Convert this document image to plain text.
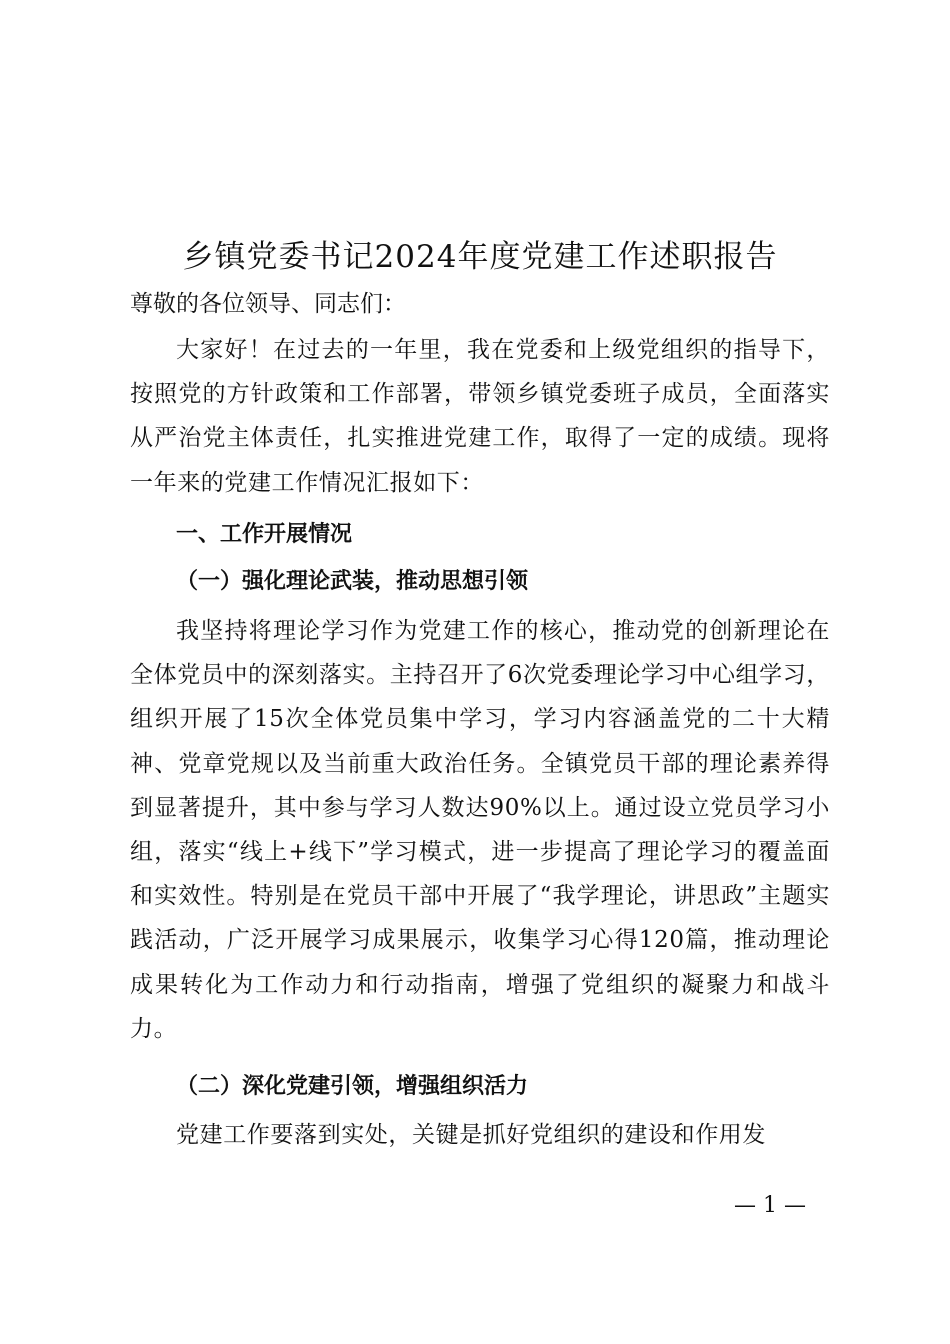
乡镇党委书记2024年度党建工作述职报告
尊敬的各位领导、同志们：

大家好！在过去的一年里，我在党委和上级党组织的指导下，按照党的方针政策和工作部署，带领乡镇党委班子成员，全面落实从严治党主体责任，扎实推进党建工作，取得了一定的成绩。现将一年来的党建工作情况汇报如下：

一、工作开展情况
（一）强化理论武装，推动思想引领

我坚持将理论学习作为党建工作的核心，推动党的创新理论在全体党员中的深刻落实。主持召开了6次党委理论学习中心组学习，组织开展了15次全体党员集中学习，学习内容涵盖党的二十大精神、党章党规以及当前重大政治任务。全镇党员干部的理论素养得到显著提升，其中参与学习人数达90%以上。通过设立党员学习小组，落实“线上+线下”学习模式，进一步提高了理论学习的覆盖面和实效性。特别是在党员干部中开展了“我学理论，讲思政”主题实践活动，广泛开展学习成果展示，收集学习心得120篇，推动理论成果转化为工作动力和行动指南，增强了党组织的凝聚力和战斗力。

（二）深化党建引领，增强组织活力

党建工作要落到实处，关键是抓好党组织的建设和作用发

— 1 —
